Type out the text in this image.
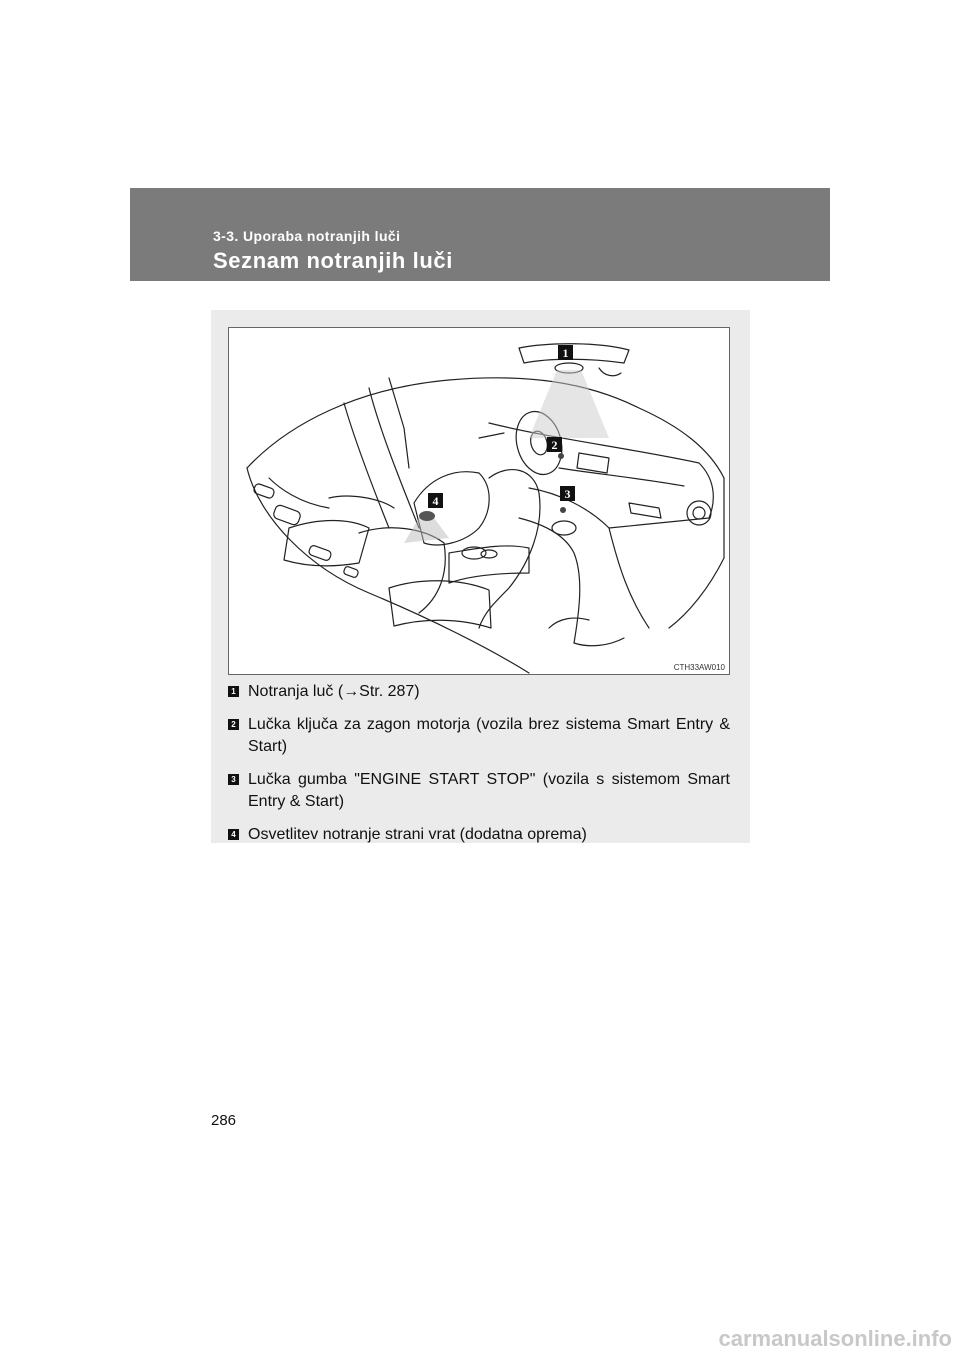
3-3. Uporaba notranjih luči
Seznam notranjih luči
1
2
3
4
CTH33AW010
1 Notranja luč (→Str. 287)
2 Lučka ključa za zagon motorja (vozila brez sistema Smart Entry & Start)
3 Lučka gumba "ENGINE START STOP" (vozila s sistemom Smart Entry & Start)
4 Osvetlitev notranje strani vrat (dodatna oprema)
286
carmanualsonline.info
